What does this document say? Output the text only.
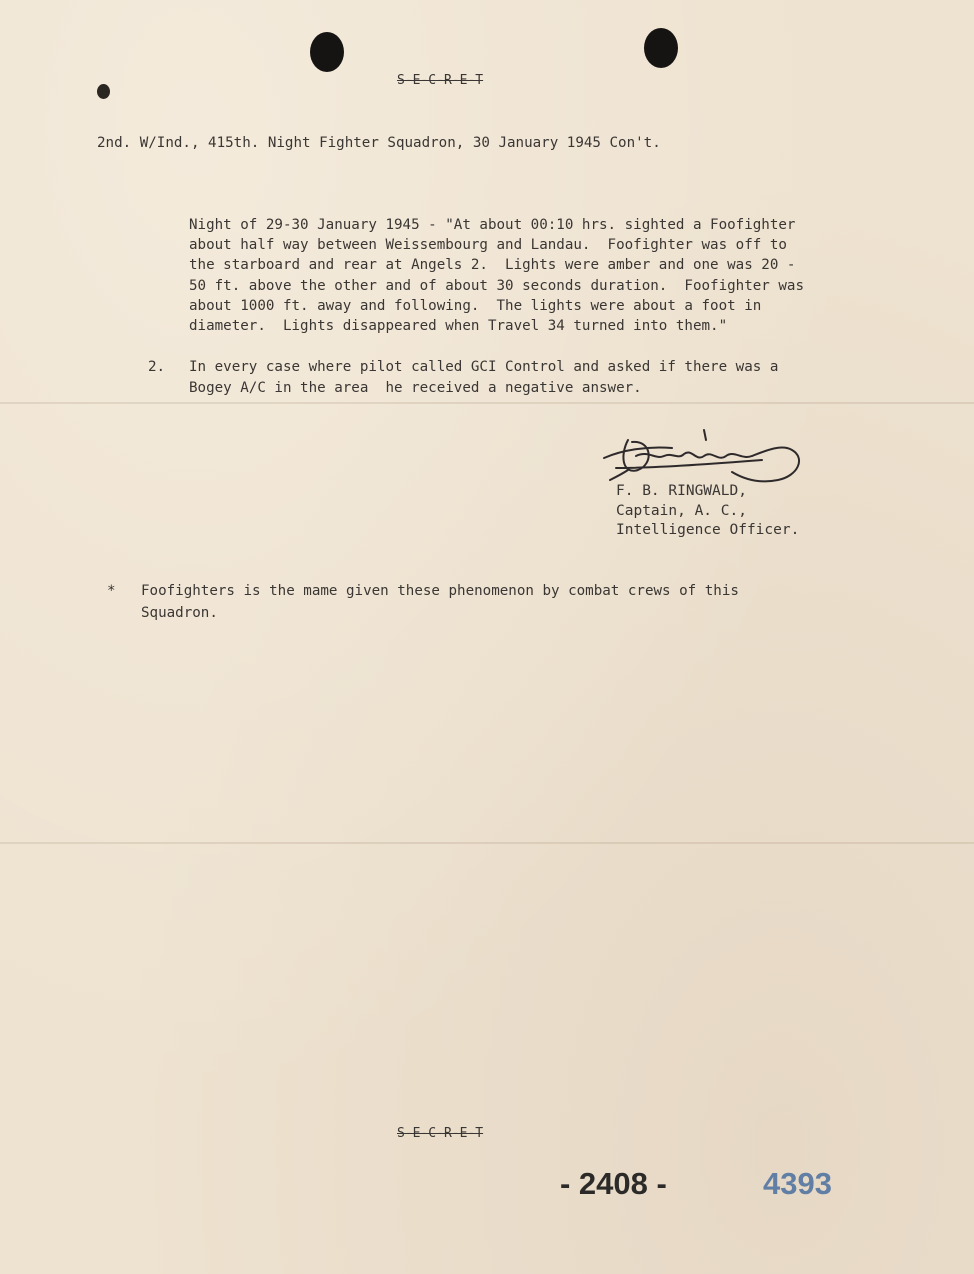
S-E-C-R-E-T
2nd. W/Ind., 415th. Night Fighter Squadron, 30 January 1945 Con't.
Night of 29-30 January 1945 - "At about 00:10 hrs. sighted a Foofighter
about half way between Weissembourg and Landau.  Foofighter was off to
the starboard and rear at Angels 2.  Lights were amber and one was 20 -
50 ft. above the other and of about 30 seconds duration.  Foofighter was
about 1000 ft. away and following.  The lights were about a foot in
diameter.  Lights disappeared when Travel 34 turned into them."
2. In every case where pilot called GCI Control and asked if there was a
Bogey A/C in the area  he received a negative answer.
F. B. RINGWALD,
Captain, A. C.,
Intelligence Officer.
* Foofighters is the mame given these phenomenon by combat crews of this
Squadron.
S-E-C-R-E-T
- 2408 -	4393
